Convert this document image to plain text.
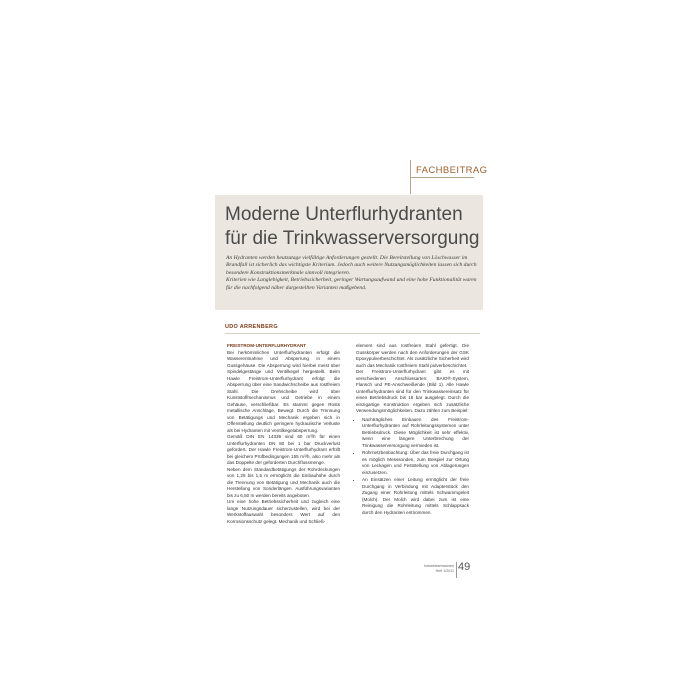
FACHBEITRAG
Moderne Unterflurhydranten
für die Trinkwasserversorgung

An Hydranten werden heutzutage vielfältige Anforderungen gestellt. Die Bereitstellung von Löschwasser im Brandfall ist sicherlich das wichtigste Kriterium. Jedoch auch weitere Nutzungsmöglichkeiten lassen sich durch besondere Konstruktionsmerkmale sinnvoll integrieren.

Kriterien wie Langlebigkeit, Betriebssicherheit, geringer Wartungsaufwand und eine hohe Funktionalität waren für die nachfolgend näher dargestellten Varianten maßgebend.

UDO ARRENBERG

FREISTROM-UNTERFLURHYDRANT

Bei herkömmlichen Unterflurhydranten erfolgt die Wasserentnahme und Absperrung in einem Gussgehäuse. Die Absperrung wird hierbei meist über Spindelgestänge und Ventilkegel hergestellt. Beim Hawle Freistrom-Unterflurhydrant erfolgt die Absperrung über eine Sandwichscheibe aus rostfreiem Stahl. Die Drehscheibe wird über Kunststoffmechanismus und Getriebe in einem Gehäuse, verschließbar. Es stammt gegen Rosts metallische Anschläge, Bewegt. Durch die Trennung von Betätigungs und Mechanik ergeben sich in Offenstellung deutlich geringere hydraulische Verluste als bei Hydranten mit Ventilkegelabsperrung.

Gemäß DIN EN 14339 sind 60 m³/h für einen Unterflurhydranten DN 80 bei 1 bar Druckverlust gefordert. Der Hawle Freistrom-Unterflurhydrant erfüllt bei gleichem Prüfbedingungen 155 m³/h, also mehr als das Doppelte der geforderten Durchflussmenge.

Neben dem Standardbetätigungs der Rohrdeckungen von 1,25 bis 1,5 m ermöglicht die Einbauhöhe durch die Trennung von Betätigung und Mechanik auch die Herstellung von Sonderlängen. Ausführungsvarianten bis zu 6,50 m werden bereits angeboten.

Um eine hohe Betriebssicherheit und zugleich eine lange Nutzungsdauer sicherzustellen, wird bei der Werkstoffauswahl besonders Wert auf den Korrosionsschutz gelegt. Mechanik und Schließ-

element sind aus rostfreiem Stahl gefertigt. Die Gusskörper werden nach den Anforderungen der GSK Epoxypulverbeschichtet. Als zusätzliche Sicherheit wird auch das Mechanik rostfreiem Stahl pulverbeschichtet.

Der Freistrom-Unterflurhydrant gibt es mit verschiedenen Anschlussarten: BAIO®-System, Flansch und PE-Anschweißende (Bild 1). Alle Hawle Unterflurhydranten sind für den Trinkwassereinsatz für einen Betriebsdruck bis 16 bar ausgelegt. Durch die einzigartige Konstruktion ergeben sich zusätzliche Verwendungsmöglichkeiten. Dazu zählen zum Beispiel:

• Nachträgliches Einbauen des Freistrom-Unterflurhydranten auf Rohrleitungssystemen unter Betriebsdruck. Diese Möglichkeit ist sehr effektiv, wenn eine längere Unterbrechung der Trinkwasserversorgung vermieden ist.
• Rohrnetzbeobachtung: Über das freie Durchgang ist es möglich Messsonden, zum Beispiel zur Ortung von Leckagen und Feststellung von Ablagerungen einzusetzen.
• An Einsätzen einer Leitung ermöglicht der freie Durchgang in Verbindung mit Adapterstück den Zugang einer Rohrleitung mittels Schwammgeleit (Molch). Der Molch wird dabei zum ist eine Reinigung die Rohrleitung mittels Schlappsack durch den Hydranten entnommen.
Industriearmaturen
Heft 1/2011 49
